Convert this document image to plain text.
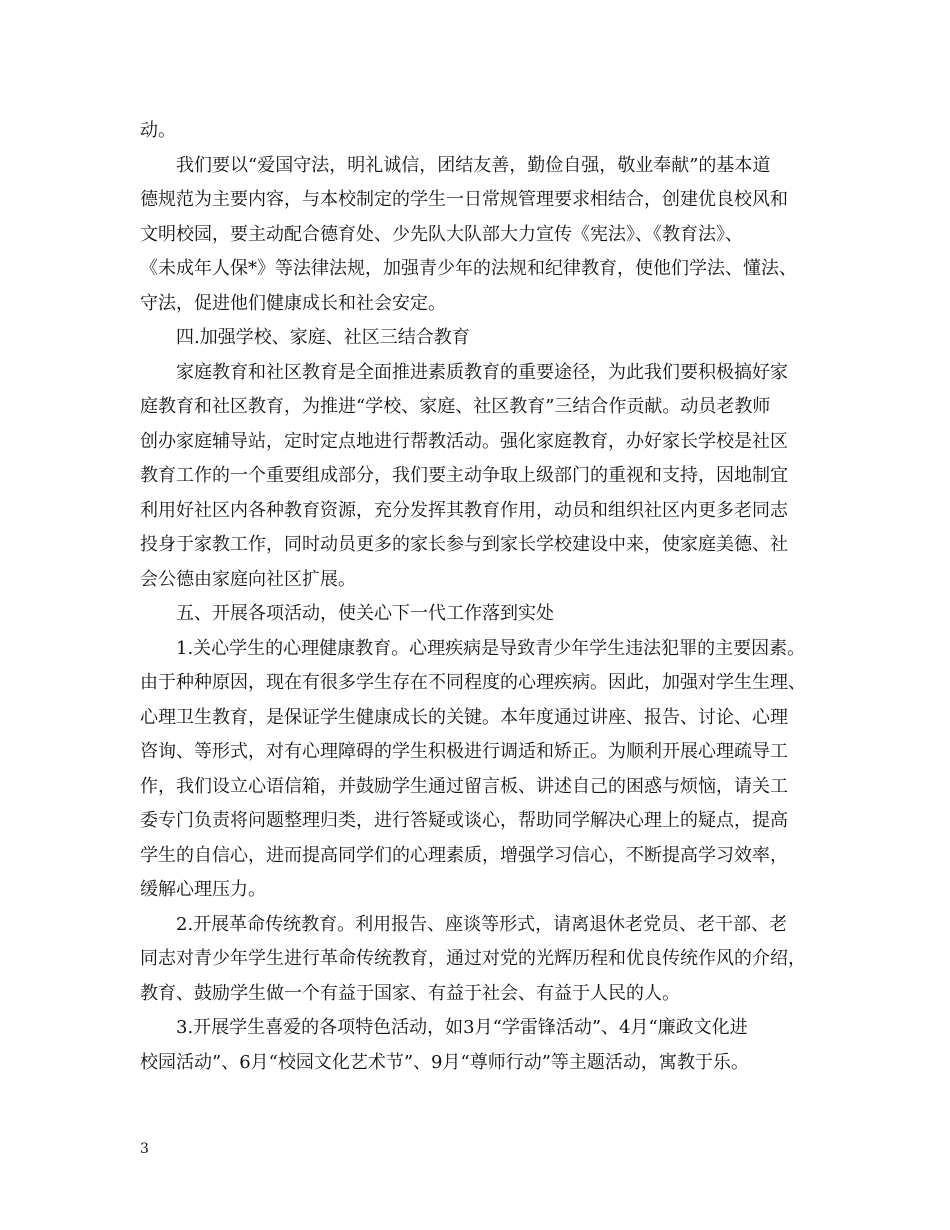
动。
我们要以“爱国守法，明礼诚信，团结友善，勤俭自强，敬业奉献”的基本道
德规范为主要内容，与本校制定的学生一日常规管理要求相结合，创建优良校风和
文明校园，要主动配合德育处、少先队大队部大力宣传《宪法》、《教育法》、
《未成年人保*》等法律法规，加强青少年的法规和纪律教育，使他们学法、懂法、
守法，促进他们健康成长和社会安定。
四.加强学校、家庭、社区三结合教育
家庭教育和社区教育是全面推进素质教育的重要途径，为此我们要积极搞好家
庭教育和社区教育，为推进“学校、家庭、社区教育”三结合作贡献。动员老教师
创办家庭辅导站，定时定点地进行帮教活动。强化家庭教育，办好家长学校是社区
教育工作的一个重要组成部分，我们要主动争取上级部门的重视和支持，因地制宜
利用好社区内各种教育资源，充分发挥其教育作用，动员和组织社区内更多老同志
投身于家教工作，同时动员更多的家长参与到家长学校建设中来，使家庭美德、社
会公德由家庭向社区扩展。
五、开展各项活动，使关心下一代工作落到实处
1.关心学生的心理健康教育。心理疾病是导致青少年学生违法犯罪的主要因素。
由于种种原因，现在有很多学生存在不同程度的心理疾病。因此，加强对学生生理、
心理卫生教育，是保证学生健康成长的关键。本年度通过讲座、报告、讨论、心理
咨询、等形式，对有心理障碍的学生积极进行调适和矫正。为顺利开展心理疏导工
作，我们设立心语信箱，并鼓励学生通过留言板、讲述自己的困惑与烦恼，请关工
委专门负责将问题整理归类，进行答疑或谈心，帮助同学解决心理上的疑点，提高
学生的自信心，进而提高同学们的心理素质，增强学习信心，不断提高学习效率，
缓解心理压力。
2.开展革命传统教育。利用报告、座谈等形式，请离退休老党员、老干部、老
同志对青少年学生进行革命传统教育，通过对党的光辉历程和优良传统作风的介绍，
教育、鼓励学生做一个有益于国家、有益于社会、有益于人民的人。
3.开展学生喜爱的各项特色活动，如3月“学雷锋活动”、4月“廉政文化进
校园活动”、6月“校园文化艺术节”、9月“尊师行动”等主题活动，寓教于乐。
3
